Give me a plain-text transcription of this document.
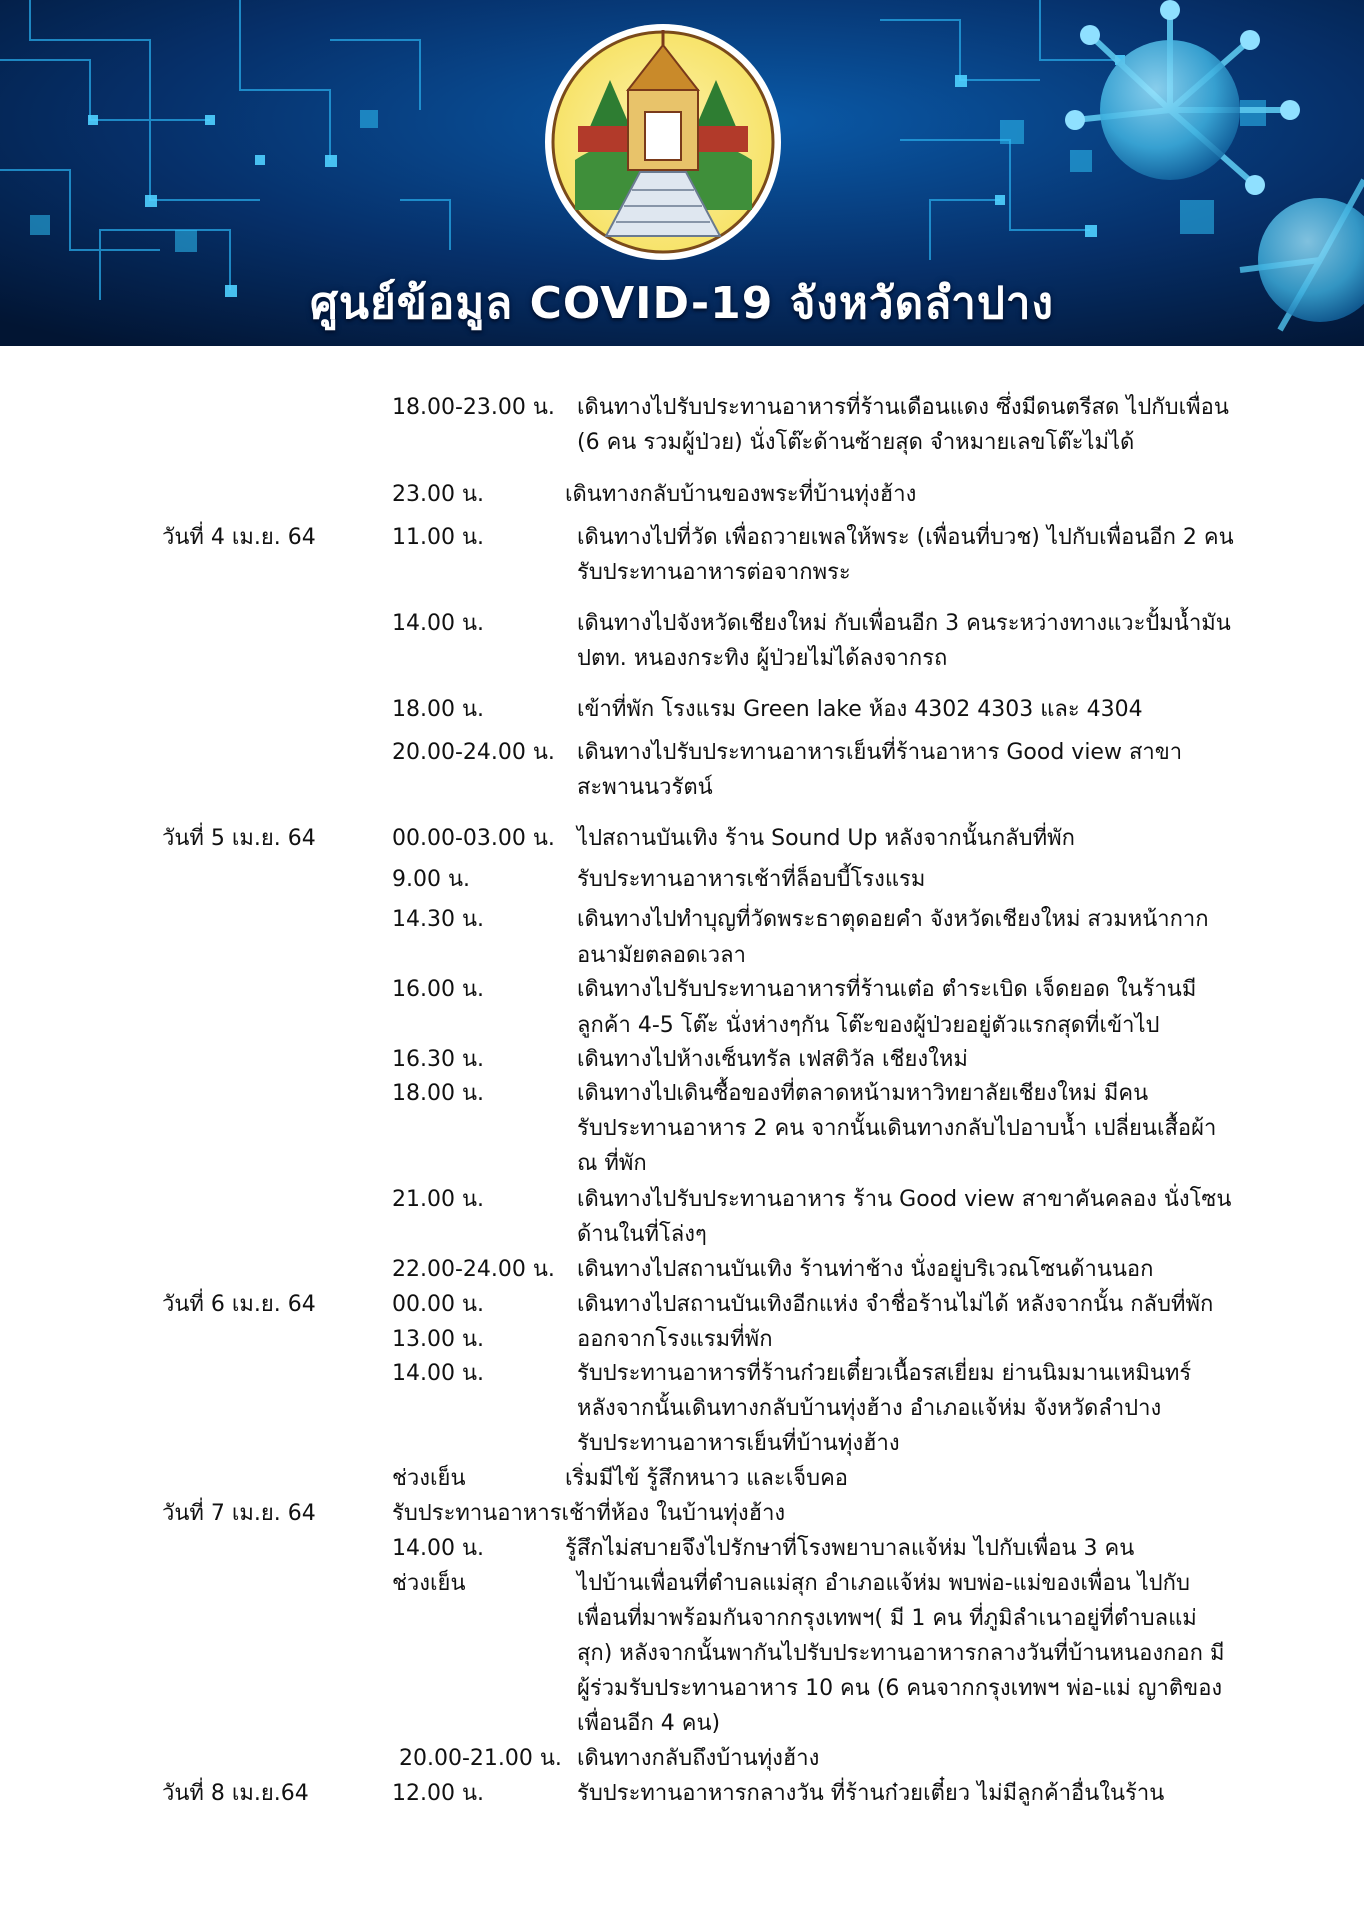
ศูนย์ข้อมูล COVID-19 จังหวัดลำปาง
18.00-23.00 น. เดินทางไปรับประทานอาหารที่ร้านเดือนแดง ซึ่งมีดนตรีสด ไปกับเพื่อน
(6 คน รวมผู้ป่วย) นั่งโต๊ะด้านซ้ายสุด จำหมายเลขโต๊ะไม่ได้
23.00 น.	เดินทางกลับบ้านของพระที่บ้านทุ่งฮ้าง
วันที่ 4 เม.ย. 64	11.00 น.	เดินทางไปที่วัด เพื่อถวายเพลให้พระ (เพื่อนที่บวช) ไปกับเพื่อนอีก 2 คน
รับประทานอาหารต่อจากพระ
14.00 น.	เดินทางไปจังหวัดเชียงใหม่ กับเพื่อนอีก 3 คนระหว่างทางแวะปั้มน้ำมัน
ปตท. หนองกระทิง ผู้ป่วยไม่ได้ลงจากรถ
18.00 น.	เข้าที่พัก โรงแรม Green lake ห้อง 4302 4303 และ 4304
20.00-24.00 น. เดินทางไปรับประทานอาหารเย็นที่ร้านอาหาร Good view สาขา
สะพานนวรัตน์
วันที่ 5 เม.ย. 64	00.00-03.00 น. ไปสถานบันเทิง ร้าน Sound Up หลังจากนั้นกลับที่พัก
9.00 น.	รับประทานอาหารเช้าที่ล็อบบี้โรงแรม
14.30 น.	เดินทางไปทำบุญที่วัดพระธาตุดอยคำ จังหวัดเชียงใหม่ สวมหน้ากาก
อนามัยตลอดเวลา
16.00 น.	เดินทางไปรับประทานอาหารที่ร้านเต๋อ ตำระเบิด เจ็ดยอด ในร้านมี
ลูกค้า 4-5 โต๊ะ นั่งห่างๆกัน โต๊ะของผู้ป่วยอยู่ตัวแรกสุดที่เข้าไป
16.30 น.	เดินทางไปห้างเซ็นทรัล เฟสติวัล เชียงใหม่
18.00 น.	เดินทางไปเดินซื้อของที่ตลาดหน้ามหาวิทยาลัยเชียงใหม่ มีคน
รับประทานอาหาร 2 คน จากนั้นเดินทางกลับไปอาบน้ำ เปลี่ยนเสื้อผ้า
ณ ที่พัก
21.00 น.	เดินทางไปรับประทานอาหาร ร้าน Good view สาขาคันคลอง นั่งโซน
ด้านในที่โล่งๆ
22.00-24.00 น. เดินทางไปสถานบันเทิง ร้านท่าช้าง นั่งอยู่บริเวณโซนด้านนอก
วันที่ 6 เม.ย. 64	00.00 น.	เดินทางไปสถานบันเทิงอีกแห่ง จำชื่อร้านไม่ได้ หลังจากนั้น กลับที่พัก
13.00 น.	ออกจากโรงแรมที่พัก
14.00 น.	รับประทานอาหารที่ร้านก๋วยเตี๋ยวเนื้อรสเยี่ยม ย่านนิมมานเหมินทร์
หลังจากนั้นเดินทางกลับบ้านทุ่งฮ้าง อำเภอแจ้ห่ม จังหวัดลำปาง
รับประทานอาหารเย็นที่บ้านทุ่งฮ้าง
ช่วงเย็น	เริ่มมีไข้ รู้สึกหนาว และเจ็บคอ
วันที่ 7 เม.ย. 64	รับประทานอาหารเช้าที่ห้อง ในบ้านทุ่งฮ้าง
14.00 น.	รู้สึกไม่สบายจึงไปรักษาที่โรงพยาบาลแจ้ห่ม ไปกับเพื่อน 3 คน
ช่วงเย็น	ไปบ้านเพื่อนที่ตำบลแม่สุก อำเภอแจ้ห่ม พบพ่อ-แม่ของเพื่อน ไปกับ
เพื่อนที่มาพร้อมกันจากกรุงเทพฯ( มี 1 คน ที่ภูมิลำเนาอยู่ที่ตำบลแม่
สุก) หลังจากนั้นพากันไปรับประทานอาหารกลางวันที่บ้านหนองกอก มี
ผู้ร่วมรับประทานอาหาร 10 คน (6 คนจากกรุงเทพฯ พ่อ-แม่ ญาติของ
เพื่อนอีก 4 คน)
20.00-21.00 น. เดินทางกลับถึงบ้านทุ่งฮ้าง
วันที่ 8 เม.ย.64	12.00 น.	รับประทานอาหารกลางวัน ที่ร้านก๋วยเตี๋ยว ไม่มีลูกค้าอื่นในร้าน
